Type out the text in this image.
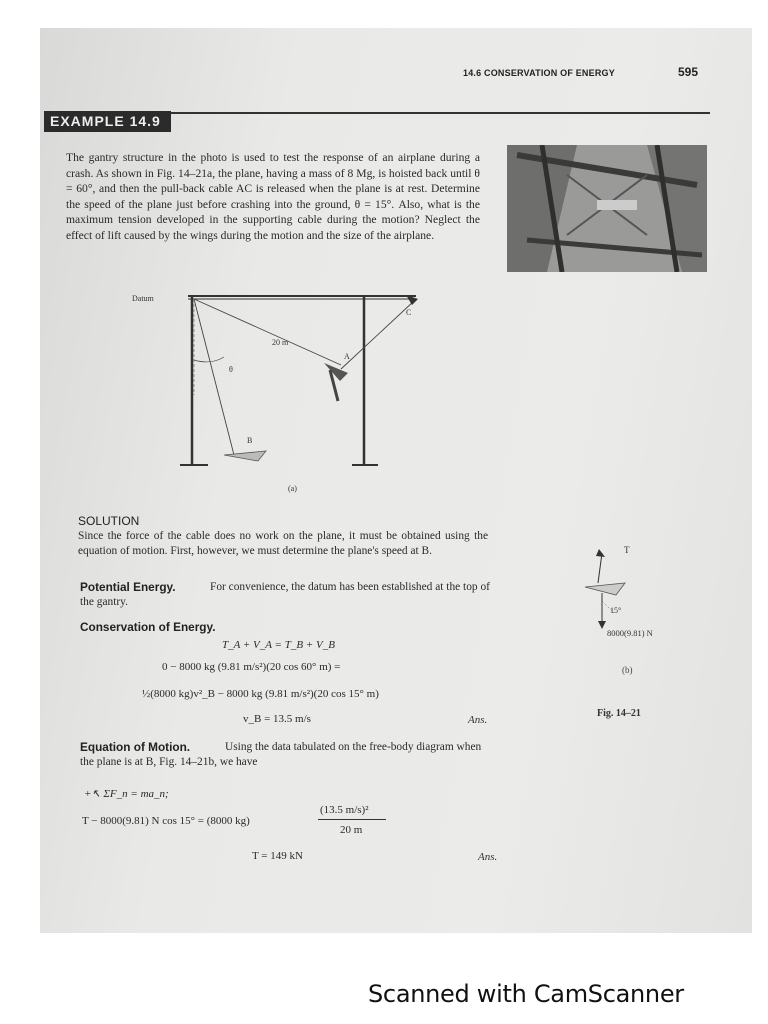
14.6 CONSERVATION OF ENERGY	595
EXAMPLE 14.9
The gantry structure in the photo is used to test the response of an airplane during a crash. As shown in Fig. 14–21a, the plane, having a mass of 8 Mg, is hoisted back until θ = 60°, and then the pull-back cable AC is released when the plane is at rest. Determine the speed of the plane just before crashing into the ground, θ = 15°. Also, what is the maximum tension developed in the supporting cable during the motion? Neglect the effect of lift caused by the wings during the motion and the size of the airplane.
Datum
20 m
A
B
C
θ
(a)
SOLUTION
Since the force of the cable does no work on the plane, it must be obtained using the equation of motion. First, however, we must determine the plane's speed at B.
Potential Energy.	For convenience, the datum has been established at the top of the gantry.
Conservation of Energy.
T_A + V_A = T_B + V_B
0 − 8000 kg (9.81 m/s²)(20 cos 60° m) =
½(8000 kg)v²_B − 8000 kg (9.81 m/s²)(20 cos 15° m)
v_B = 13.5 m/s	Ans.
Equation of Motion.	Using the data tabulated on the free-body diagram when the plane is at B, Fig. 14–21b, we have
+↖ ΣF_n = ma_n;
T − 8000(9.81) N cos 15° = (8000 kg)
(13.5 m/s)²
20 m
T = 149 kN	Ans.
T
15°
8000(9.81) N
(b)
Fig. 14–21
Scanned with CamScanner
